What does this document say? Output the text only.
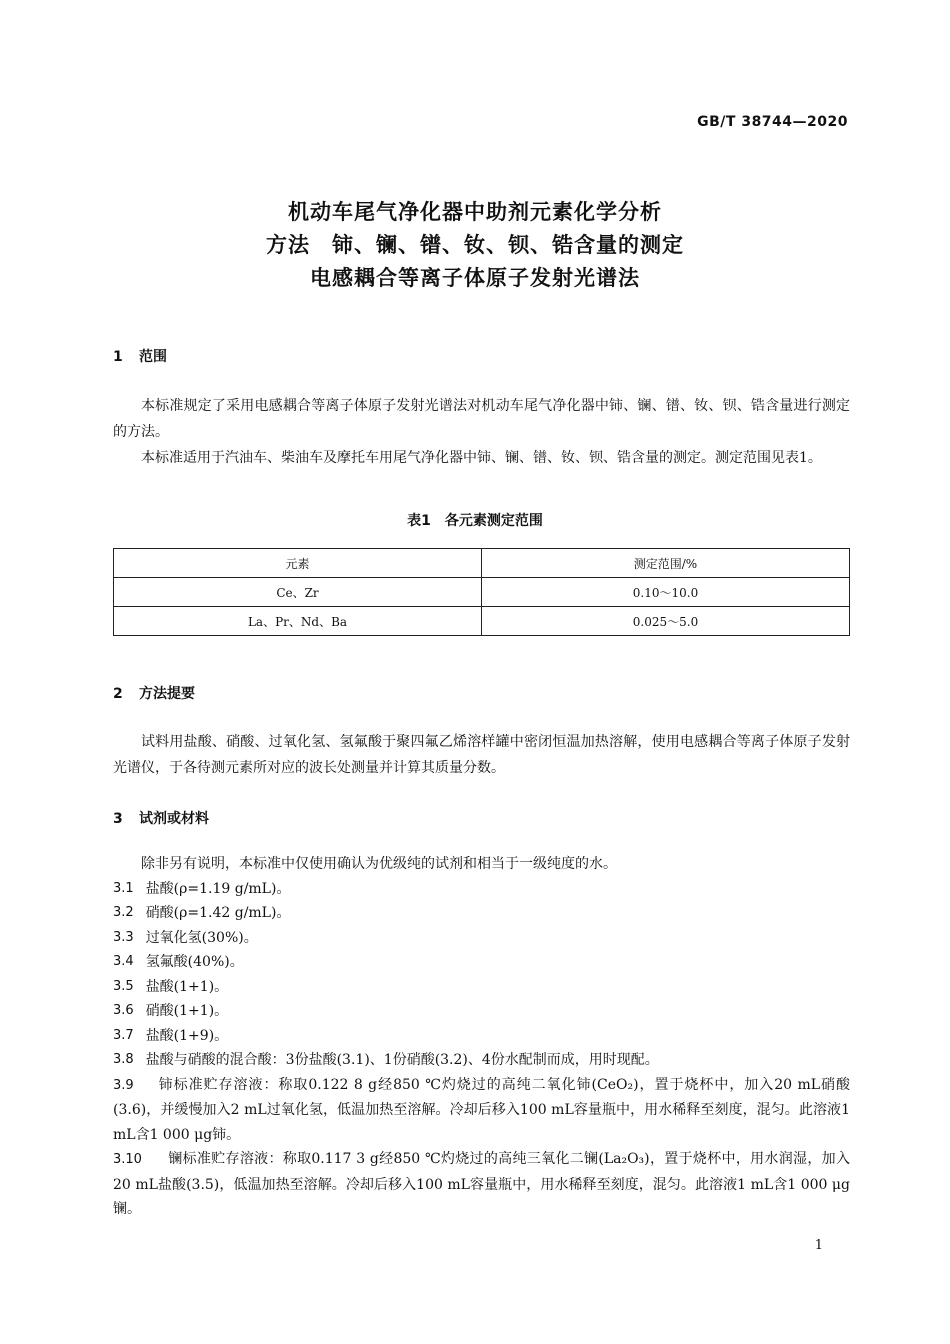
GB/T 38744—2020
机动车尾气净化器中助剂元素化学分析
方法　铈、镧、镨、钕、钡、锆含量的测定
电感耦合等离子体原子发射光谱法
1 范围

本标准规定了采用电感耦合等离子体原子发射光谱法对机动车尾气净化器中铈、镧、镨、钕、钡、锆含量进行测定的方法。

本标准适用于汽油车、柴油车及摩托车用尾气净化器中铈、镧、镨、钕、钡、锆含量的测定。测定范围见表1。

表1　 各元素测定范围
元素	测定范围/%
Ce、Zr	0.10～10.0
La、Pr、Nd、Ba	0.025～5.0
2 方法提要

试料用盐酸、硝酸、过氧化氢、氢氟酸于聚四氟乙烯溶样罐中密闭恒温加热溶解，使用电感耦合等离子体原子发射光谱仪，于各待测元素所对应的波长处测量并计算其质量分数。

3 试剂或材料

除非另有说明，本标准中仅使用确认为优级纯的试剂和相当于一级纯度的水。

3.1 盐酸(ρ=1.19 g/mL)。
3.2 硝酸(ρ=1.42 g/mL)。
3.3 过氧化氢(30%)。
3.4 氢氟酸(40%)。
3.5 盐酸(1+1)。
3.6 硝酸(1+1)。
3.7 盐酸(1+9)。
3.8 盐酸与硝酸的混合酸：3份盐酸(3.1)、1份硝酸(3.2)、4份水配制而成，用时现配。
3.9 铈标准贮存溶液：称取0.122 8 g经850 ℃灼烧过的高纯二氧化铈(CeO₂)，置于烧杯中，加入20 mL硝酸(3.6)，并缓慢加入2 mL过氧化氢，低温加热至溶解。冷却后移入100 mL容量瓶中，用水稀释至刻度，混匀。此溶液1 mL含1 000 μg铈。
3.10 镧标准贮存溶液：称取0.117 3 g经850 ℃灼烧过的高纯三氧化二镧(La₂O₃)，置于烧杯中，用水润湿，加入20 mL盐酸(3.5)，低温加热至溶解。冷却后移入100 mL容量瓶中，用水稀释至刻度，混匀。此溶液1 mL含1 000 μg镧。
1
